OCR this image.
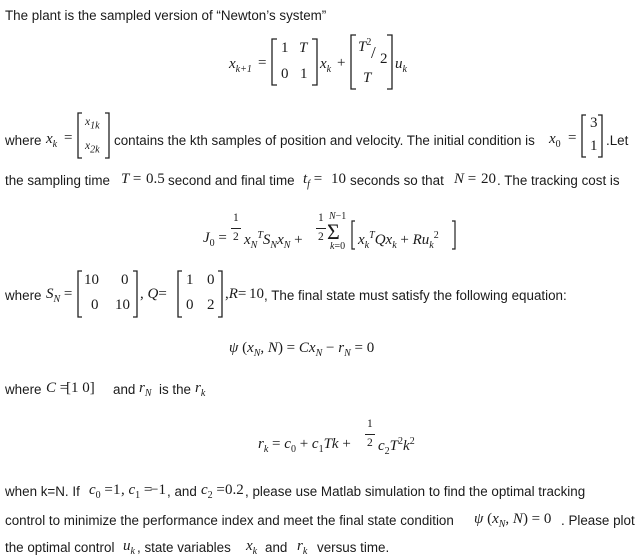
The plant is the sampled version of “Newton’s system”
$x_{k+1}$ =
1 T
0 1
$x_k$ +
$T^2$
/ 2
T
$u_k$
where $x_k$ =
$x_{1k}$
$x_{2k}$
contains the kth samples of position and velocity. The initial condition is $x_0$ =
3
1 .Let
the sampling time T = 0.5 second and final time $t_f = 10$ seconds so that N = 20 . The tracking cost is
$J_0$ =
1
2 $x_N^TS_Nx_N$ +
1
2
N−1
Σ
k=0 $x_k^TQx_k + Ru_k^2$
where $S_N$ =
10 0
0 10
, Q=
1 0
0 2
,R= 10 , The final state must satisfy the following equation:
ψ ($x_N$, $N) = Cx_N - r_N = 0$
where C =
[1 0] and $r_N$ is the $r_k$
$r_k = c_0 + c_1Tk$ +
1
2 $c_2T^2k^2$
when k=N. If $c_0 = 1$ , $c_1$ =
−1 , and $c_2 = 0.2$ , please use Matlab simulation to find the optimal tracking
control to minimize the performance index and meet the final state condition ψ ($x_N$, N) = 0 . Please plot
the optimal control $u_k$ , state variables $x_k$ and $r_k$ versus time.
